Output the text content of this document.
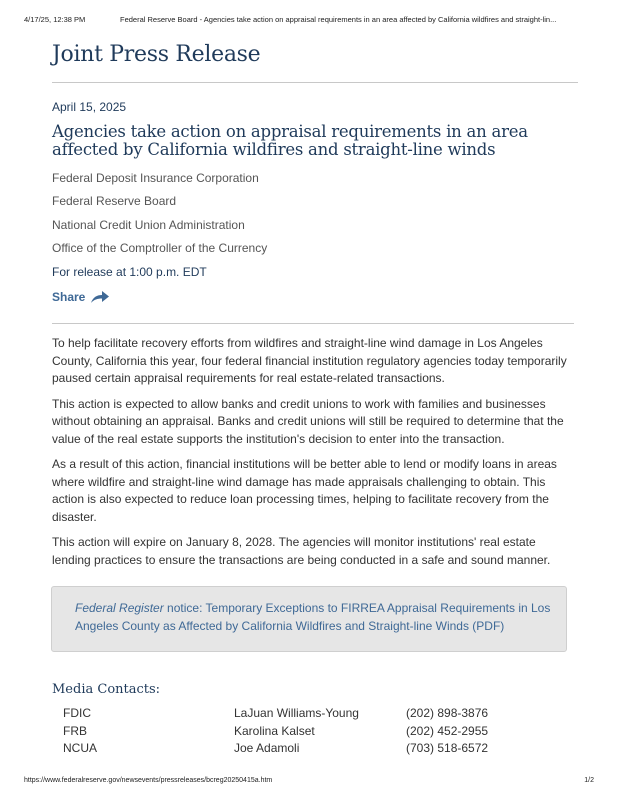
4/17/25, 12:38 PM	Federal Reserve Board - Agencies take action on appraisal requirements in an area affected by California wildfires and straight-lin...
Joint Press Release
April 15, 2025
Agencies take action on appraisal requirements in an area affected by California wildfires and straight-line winds
Federal Deposit Insurance Corporation
Federal Reserve Board
National Credit Union Administration
Office of the Comptroller of the Currency
For release at 1:00 p.m. EDT
Share

To help facilitate recovery efforts from wildfires and straight-line wind damage in Los Angeles County, California this year, four federal financial institution regulatory agencies today temporarily paused certain appraisal requirements for real estate-related transactions.

This action is expected to allow banks and credit unions to work with families and businesses without obtaining an appraisal. Banks and credit unions will still be required to determine that the value of the real estate supports the institution's decision to enter into the transaction.

As a result of this action, financial institutions will be better able to lend or modify loans in areas where wildfire and straight-line wind damage has made appraisals challenging to obtain. This action is also expected to reduce loan processing times, helping to facilitate recovery from the disaster.

This action will expire on January 8, 2028. The agencies will monitor institutions' real estate lending practices to ensure the transactions are being conducted in a safe and sound manner.

Federal Register notice: Temporary Exceptions to FIRREA Appraisal Requirements in Los Angeles County as Affected by California Wildfires and Straight-line Winds (PDF)
Media Contacts:
FDIC	LaJuan Williams-Young	(202) 898-3876
FRB	Karolina Kalset	(202) 452-2955
NCUA	Joe Adamoli	(703) 518-6572
https://www.federalreserve.gov/newsevents/pressreleases/bcreg20250415a.htm	1/2
